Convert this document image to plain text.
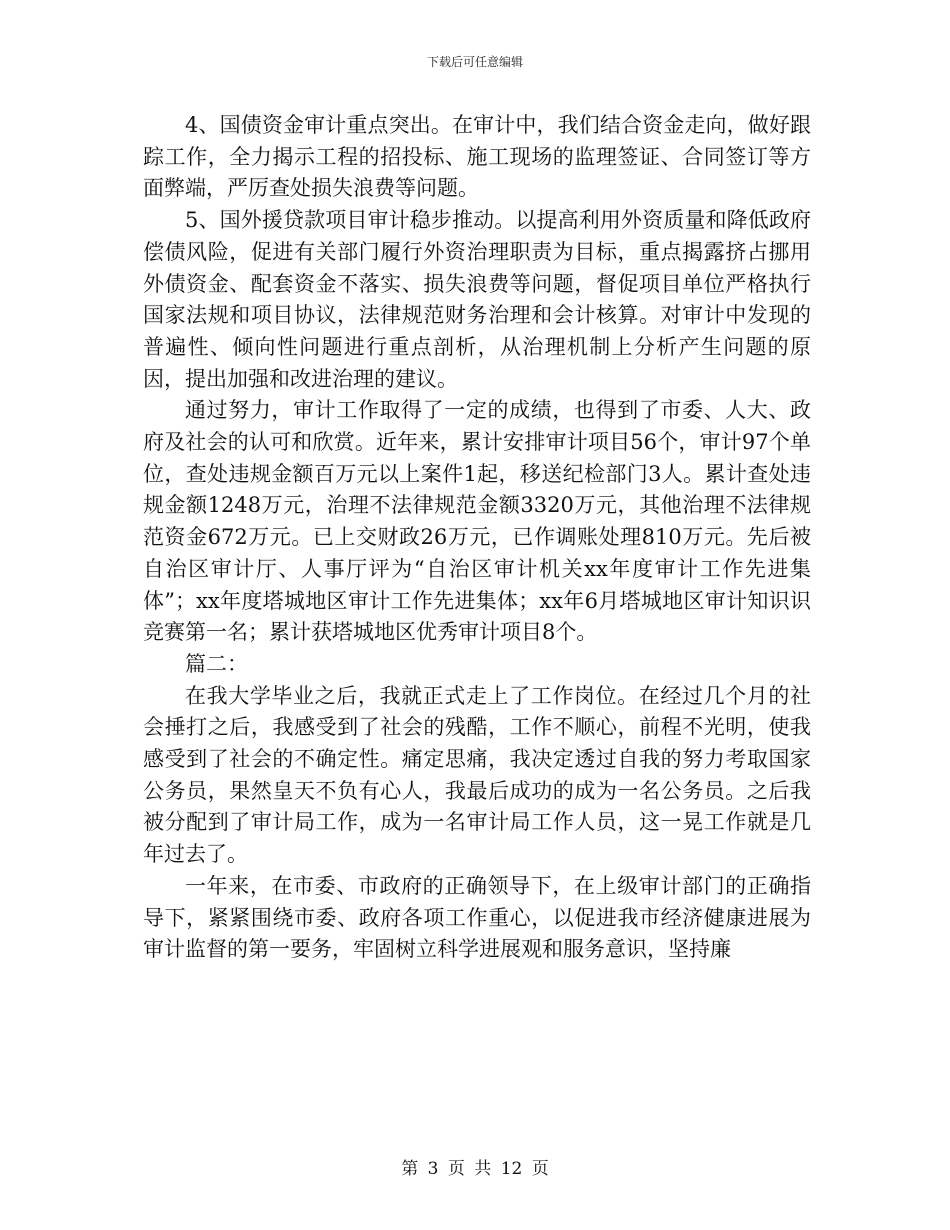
下载后可任意编辑

4、国债资金审计重点突出。在审计中，我们结合资金走向，做好跟踪工作，全力揭示工程的招投标、施工现场的监理签证、合同签订等方面弊端，严厉查处损失浪费等问题。

5、国外援贷款项目审计稳步推动。以提高利用外资质量和降低政府偿债风险，促进有关部门履行外资治理职责为目标，重点揭露挤占挪用外债资金、配套资金不落实、损失浪费等问题，督促项目单位严格执行国家法规和项目协议，法律规范财务治理和会计核算。对审计中发现的普遍性、倾向性问题进行重点剖析，从治理机制上分析产生问题的原因，提出加强和改进治理的建议。

通过努力，审计工作取得了一定的成绩，也得到了市委、人大、政府及社会的认可和欣赏。近年来，累计安排审计项目56个，审计97个单位，查处违规金额百万元以上案件1起，移送纪检部门3人。累计查处违规金额1248万元，治理不法律规范金额3320万元，其他治理不法律规范资金672万元。已上交财政26万元，已作调账处理810万元。先后被自治区审计厅、人事厅评为“自治区审计机关xx年度审计工作先进集体”；xx年度塔城地区审计工作先进集体；xx年6月塔城地区审计知识识竞赛第一名；累计获塔城地区优秀审计项目8个。

篇二：

在我大学毕业之后，我就正式走上了工作岗位。在经过几个月的社会捶打之后，我感受到了社会的残酷，工作不顺心，前程不光明，使我感受到了社会的不确定性。痛定思痛，我决定透过自我的努力考取国家公务员，果然皇天不负有心人，我最后成功的成为一名公务员。之后我被分配到了审计局工作，成为一名审计局工作人员，这一晃工作就是几年过去了。

一年来，在市委、市政府的正确领导下，在上级审计部门的正确指导下，紧紧围绕市委、政府各项工作重心，以促进我市经济健康进展为审计监督的第一要务，牢固树立科学进展观和服务意识，坚持廉

第 3 页 共 12 页
